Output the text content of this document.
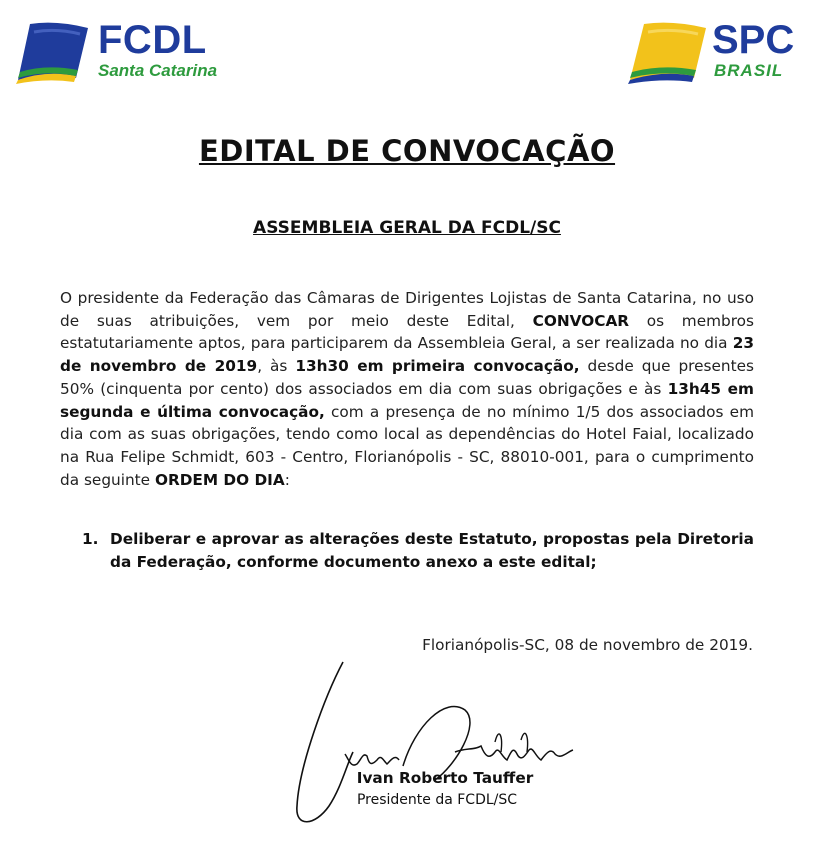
FCDL
Santa Catarina
SPC
BRASIL
EDITAL DE CONVOCAÇÃO
ASSEMBLEIA GERAL DA FCDL/SC
O presidente da Federação das Câmaras de Dirigentes Lojistas de Santa Catarina, no uso de suas atribuições, vem por meio deste Edital, CONVOCAR os membros estatutariamente aptos, para participarem da Assembleia Geral, a ser realizada no dia 23 de novembro de 2019, às 13h30 em primeira convocação, desde que presentes 50% (cinquenta por cento) dos associados em dia com suas obrigações e às 13h45 em segunda e última convocação, com a presença de no mínimo 1/5 dos associados em dia com as suas obrigações, tendo como local as dependências do Hotel Faial, localizado na Rua Felipe Schmidt, 603 - Centro, Florianópolis - SC, 88010-001, para o cumprimento da seguinte ORDEM DO DIA:
1. Deliberar e aprovar as alterações deste Estatuto, propostas pela Diretoria da Federação, conforme documento anexo a este edital;
Florianópolis-SC, 08 de novembro de 2019.
Ivan Roberto Tauffer
Presidente da FCDL/SC
